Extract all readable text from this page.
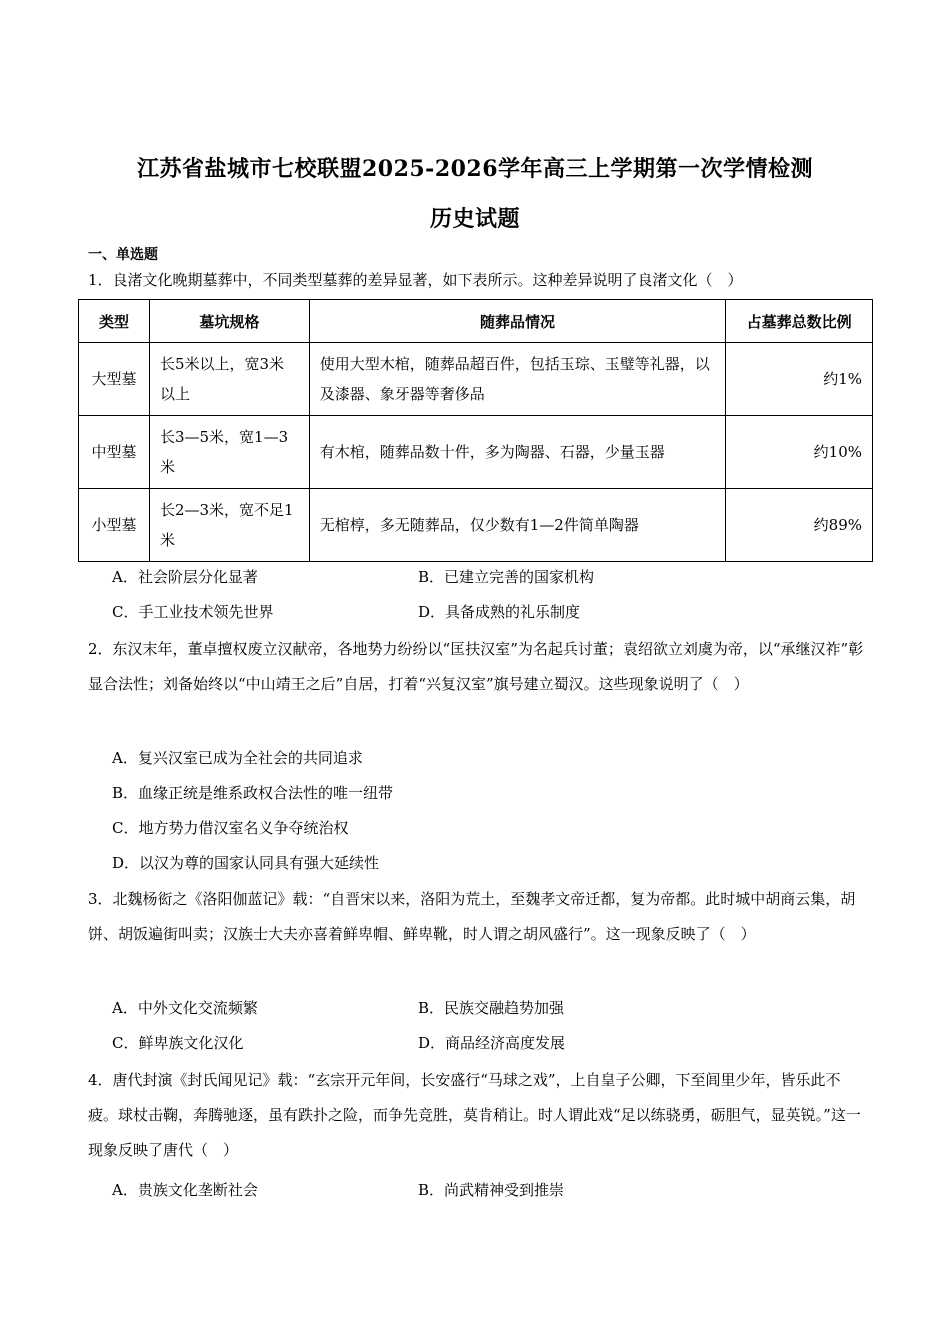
江苏省盐城市七校联盟2025-2026学年高三上学期第一次学情检测
历史试题
一、单选题
1．良渚文化晚期墓葬中，不同类型墓葬的差异显著，如下表所示。这种差异说明了良渚文化（　）
类型	墓坑规格	随葬品情况	占墓葬总数比例
大型墓	长5米以上，宽3米以上	使用大型木棺，随葬品超百件，包括玉琮、玉璧等礼器，以及漆器、象牙器等奢侈品	约1%
中型墓	长3—5米，宽1—3米	有木棺，随葬品数十件，多为陶器、石器，少量玉器	约10%
小型墓	长2—3米，宽不足1米	无棺椁，多无随葬品，仅少数有1—2件简单陶器	约89%
A．社会阶层分化显著	B．已建立完善的国家机构
C．手工业技术领先世界	D．具备成熟的礼乐制度
2．东汉末年，董卓擅权废立汉献帝，各地势力纷纷以“匡扶汉室”为名起兵讨董；袁绍欲立刘虞为帝，以“承继汉祚”彰显合法性；刘备始终以“中山靖王之后”自居，打着“兴复汉室”旗号建立蜀汉。这些现象说明了（　）
A．复兴汉室已成为全社会的共同追求
B．血缘正统是维系政权合法性的唯一纽带
C．地方势力借汉室名义争夺统治权
D．以汉为尊的国家认同具有强大延续性
3．北魏杨衒之《洛阳伽蓝记》载：“自晋宋以来，洛阳为荒土，至魏孝文帝迁都，复为帝都。此时城中胡商云集，胡饼、胡饭遍街叫卖；汉族士大夫亦喜着鲜卑帽、鲜卑靴，时人谓之胡风盛行”。这一现象反映了（　）
A．中外文化交流频繁	B．民族交融趋势加强
C．鲜卑族文化汉化	D．商品经济高度发展
4．唐代封演《封氏闻见记》载：“玄宗开元年间，长安盛行“马球之戏”，上自皇子公卿，下至闾里少年，皆乐此不疲。球杖击鞠，奔腾驰逐，虽有跌扑之险，而争先竞胜，莫肯稍让。时人谓此戏“足以练骁勇，砺胆气，显英锐。”这一现象反映了唐代（　）
A．贵族文化垄断社会	B．尚武精神受到推崇
